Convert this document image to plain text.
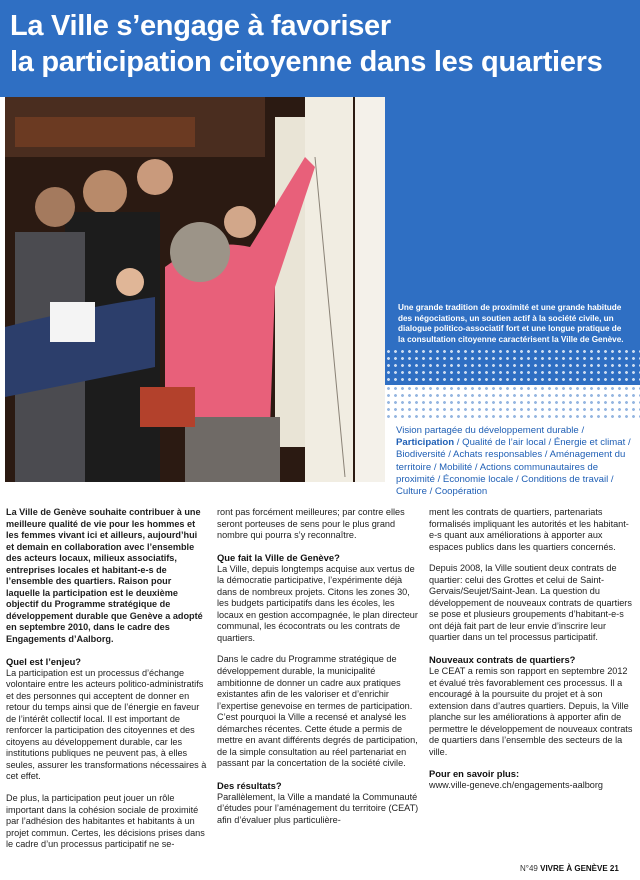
La Ville s’engage à favoriser
la participation citoyenne dans les quartiers

Une grande tradition de proximité et une grande habitude des négociations, un soutien actif à la société civile, un dialogue politico-associatif fort et une longue pratique de la consultation citoyenne caractérisent la Ville de Genève.

Vision partagée du développement durable / Participation / Qualité de l’air local / Énergie et climat / Biodiversité / Achats responsables / Aménagement du territoire / Mobilité / Actions communautaires de proximité / Économie locale / Conditions de travail / Culture / Coopération

La Ville de Genève souhaite contribuer à une meilleure qualité de vie pour les hommes et les femmes vivant ici et ailleurs, aujourd’hui et demain en collaboration avec l’ensemble des acteurs locaux, milieux associatifs, entreprises locales et habitant-e-s de l’ensemble des quartiers. Raison pour laquelle la participation est le deuxième objectif du Programme stratégique de développement durable que Genève a adopté en septembre 2010, dans le cadre des Engagements d’Aalborg.

Quel est l’enjeu?

La participation est un processus d’échange volontaire entre les acteurs politico-administratifs et des personnes qui acceptent de donner en retour du temps ainsi que de l’énergie en faveur de l’intérêt collectif local. Il est important de renforcer la participation des citoyennes et des citoyens au développement durable, car les institutions publiques ne peuvent pas, à elles seules, assurer les transformations nécessaires à cet effet.

De plus, la participation peut jouer un rôle important dans la cohésion sociale de proximité par l’adhésion des habitantes et habitants à un projet commun. Certes, les décisions prises dans le cadre d’un processus participatif ne se-

ront pas forcément meilleures; par contre elles seront porteuses de sens pour le plus grand nombre qui pourra s’y reconnaître.

Que fait la Ville de Genève?

La Ville, depuis longtemps acquise aux vertus de la démocratie participative, l’expérimente déjà dans de nombreux projets. Citons les zones 30, les budgets participatifs dans les écoles, les locaux en gestion accompagnée, le plan directeur communal, les écocontrats ou les contrats de quartiers.

Dans le cadre du Programme stratégique de développement durable, la municipalité ambitionne de donner un cadre aux pratiques existantes afin de les valoriser et d’enrichir l’expertise genevoise en termes de participation. C’est pourquoi la Ville a recensé et analysé les démarches récentes. Cette étude a permis de mettre en avant différents degrés de participation, de la simple consultation au réel partenariat en passant par la concertation de la société civile.

Des résultats?

Parallèlement, la Ville a mandaté la Communauté d’études pour l’aménagement du territoire (CEAT) afin d’évaluer plus particulière-

ment les contrats de quartiers, partenariats formalisés impliquant les autorités et les habitant-e-s quant aux améliorations à apporter aux espaces publics dans les quartiers concernés.

Depuis 2008, la Ville soutient deux contrats de quartier: celui des Grottes et celui de Saint-Gervais/Seujet/Saint-Jean. La question du développement de nouveaux contrats de quartiers se pose et plusieurs groupements d’habitant-e-s ont déjà fait part de leur envie d’inscrire leur quartier dans un tel processus participatif.

Nouveaux contrats de quartiers?

Le CEAT a remis son rapport en septembre 2012 et évalué très favorablement ces processus. Il a encouragé à la poursuite du projet et à son extension dans d’autres quartiers. Depuis, la Ville planche sur les améliorations à apporter afin de permettre le développement de nouveaux contrats de quartiers dans l’ensemble des secteurs de la ville.

Pour en savoir plus:

www.ville-geneve.ch/engagements-aalborg

N°49 VIVRE À GENÈVE 21
